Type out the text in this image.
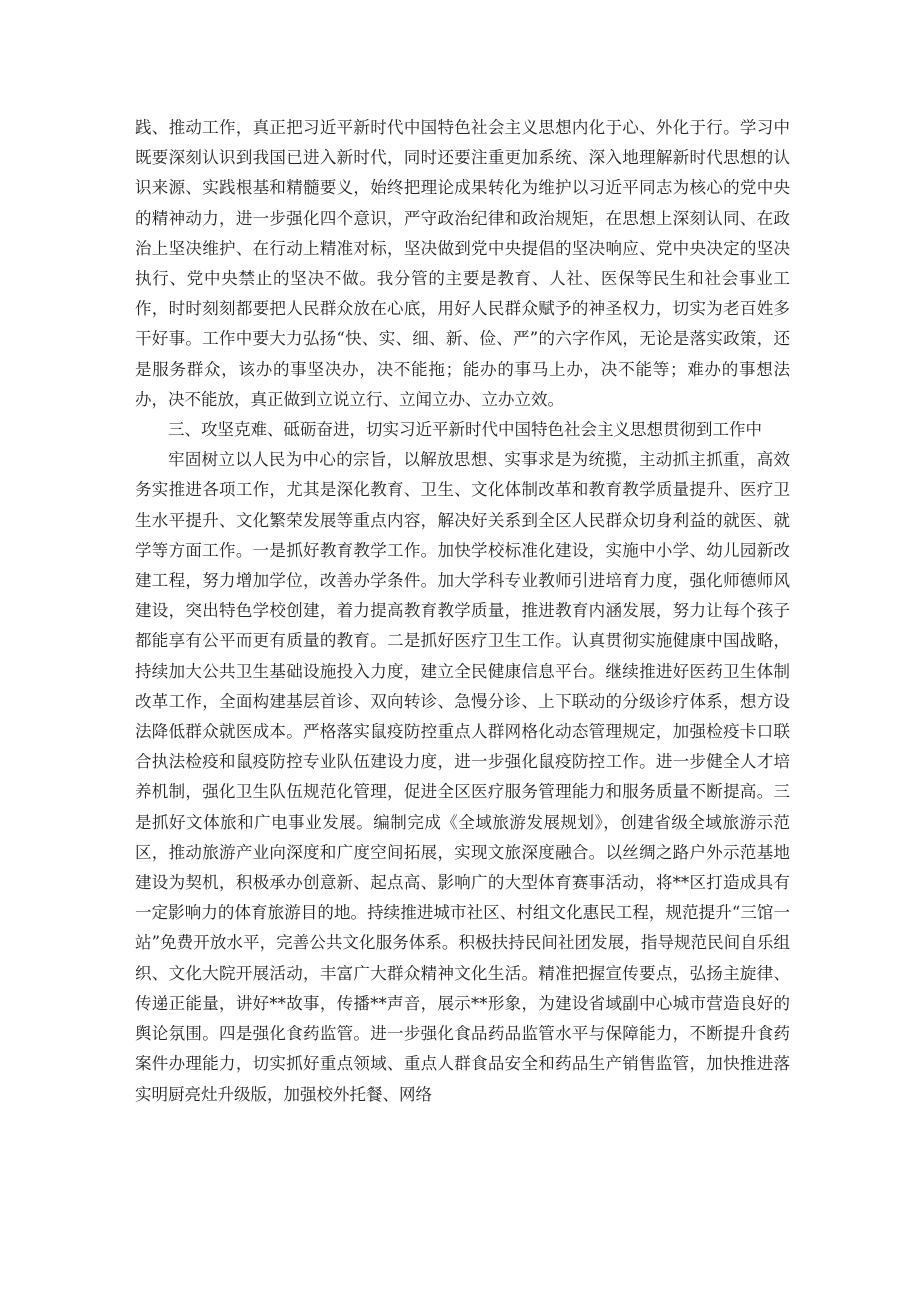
践、推动工作，真正把习近平新时代中国特色社会主义思想内化于心、外化于行。学习中既要深刻认识到我国已进入新时代，同时还要注重更加系统、深入地理解新时代思想的认识来源、实践根基和精髓要义，始终把理论成果转化为维护以习近平同志为核心的党中央的精神动力，进一步强化四个意识，严守政治纪律和政治规矩，在思想上深刻认同、在政治上坚决维护、在行动上精准对标，坚决做到党中央提倡的坚决响应、党中央决定的坚决执行、党中央禁止的坚决不做。我分管的主要是教育、人社、医保等民生和社会事业工作，时时刻刻都要把人民群众放在心底，用好人民群众赋予的神圣权力，切实为老百姓多干好事。工作中要大力弘扬“快、实、细、新、俭、严”的六字作风，无论是落实政策，还是服务群众，该办的事坚决办，决不能拖；能办的事马上办，决不能等；难办的事想法办，决不能放，真正做到立说立行、立闻立办、立办立效。

三、攻坚克难、砥砺奋进，切实习近平新时代中国特色社会主义思想贯彻到工作中

牢固树立以人民为中心的宗旨，以解放思想、实事求是为统揽，主动抓主抓重，高效务实推进各项工作，尤其是深化教育、卫生、文化体制改革和教育教学质量提升、医疗卫生水平提升、文化繁荣发展等重点内容，解决好关系到全区人民群众切身利益的就医、就学等方面工作。一是抓好教育教学工作。加快学校标准化建设，实施中小学、幼儿园新改建工程，努力增加学位，改善办学条件。加大学科专业教师引进培育力度，强化师德师风建设，突出特色学校创建，着力提高教育教学质量，推进教育内涵发展，努力让每个孩子都能享有公平而更有质量的教育。二是抓好医疗卫生工作。认真贯彻实施健康中国战略，持续加大公共卫生基础设施投入力度，建立全民健康信息平台。继续推进好医药卫生体制改革工作，全面构建基层首诊、双向转诊、急慢分诊、上下联动的分级诊疗体系，想方设法降低群众就医成本。严格落实鼠疫防控重点人群网格化动态管理规定，加强检疫卡口联合执法检疫和鼠疫防控专业队伍建设力度，进一步强化鼠疫防控工作。进一步健全人才培养机制，强化卫生队伍规范化管理，促进全区医疗服务管理能力和服务质量不断提高。三是抓好文体旅和广电事业发展。编制完成《全域旅游发展规划》，创建省级全域旅游示范区，推动旅游产业向深度和广度空间拓展，实现文旅深度融合。以丝绸之路户外示范基地建设为契机，积极承办创意新、起点高、影响广的大型体育赛事活动，将**区打造成具有一定影响力的体育旅游目的地。持续推进城市社区、村组文化惠民工程，规范提升“三馆一站”免费开放水平，完善公共文化服务体系。积极扶持民间社团发展，指导规范民间自乐组织、文化大院开展活动，丰富广大群众精神文化生活。精准把握宣传要点，弘扬主旋律、传递正能量，讲好**故事，传播**声音，展示**形象，为建设省域副中心城市营造良好的舆论氛围。四是强化食药监管。进一步强化食品药品监管水平与保障能力，不断提升食药案件办理能力，切实抓好重点领域、重点人群食品安全和药品生产销售监管，加快推进落实明厨亮灶升级版，加强校外托餐、网络
